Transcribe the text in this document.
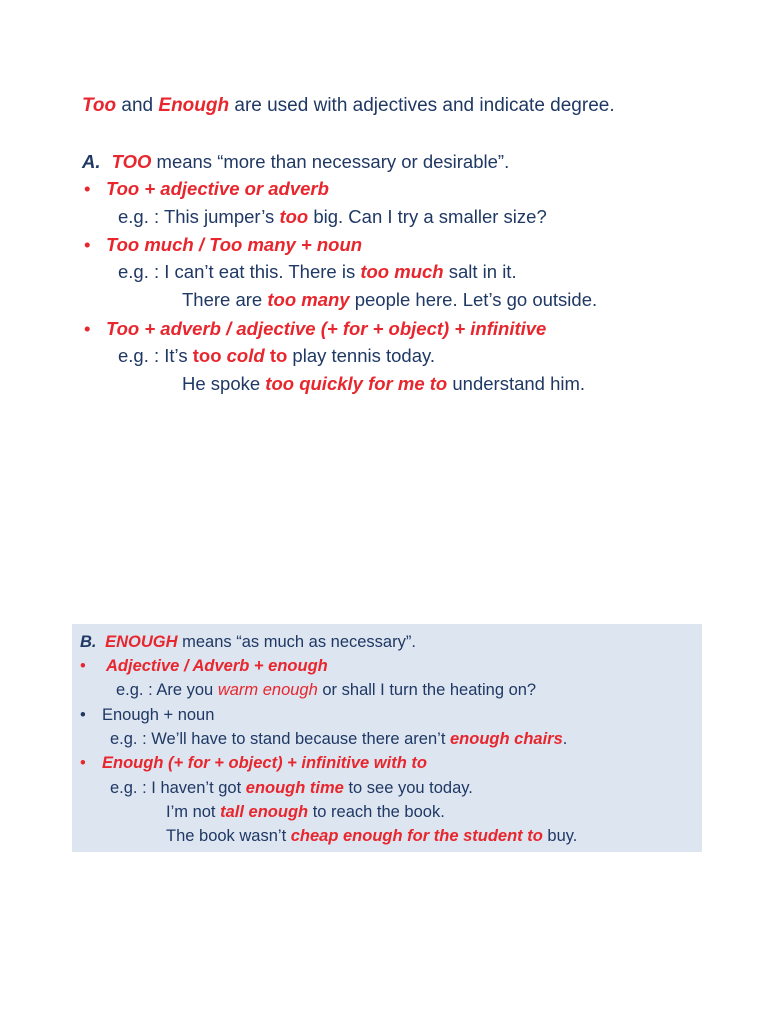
Too and Enough are used with adjectives and indicate degree.
A. TOO means “more than necessary or desirable”.
• Too + adjective or adverb
e.g. : This jumper’s too big. Can I try a smaller size?
• Too much / Too many + noun
e.g. : I can’t eat this. There is too much salt in it.
There are too many people here. Let’s go outside.
• Too + adverb / adjective (+ for + object) + infinitive
e.g. : It’s too cold to play tennis today.
He spoke too quickly for me to understand him.
B. ENOUGH means “as much as necessary”.
• Adjective / Adverb + enough
e.g. : Are you warm enough or shall I turn the heating on?
• Enough + noun
e.g. : We’ll have to stand because there aren’t enough chairs.
• Enough (+ for + object) + infinitive with to
e.g. : I haven’t got enough time to see you today.
I’m not tall enough to reach the book.
The book wasn’t cheap enough for the student to buy.
